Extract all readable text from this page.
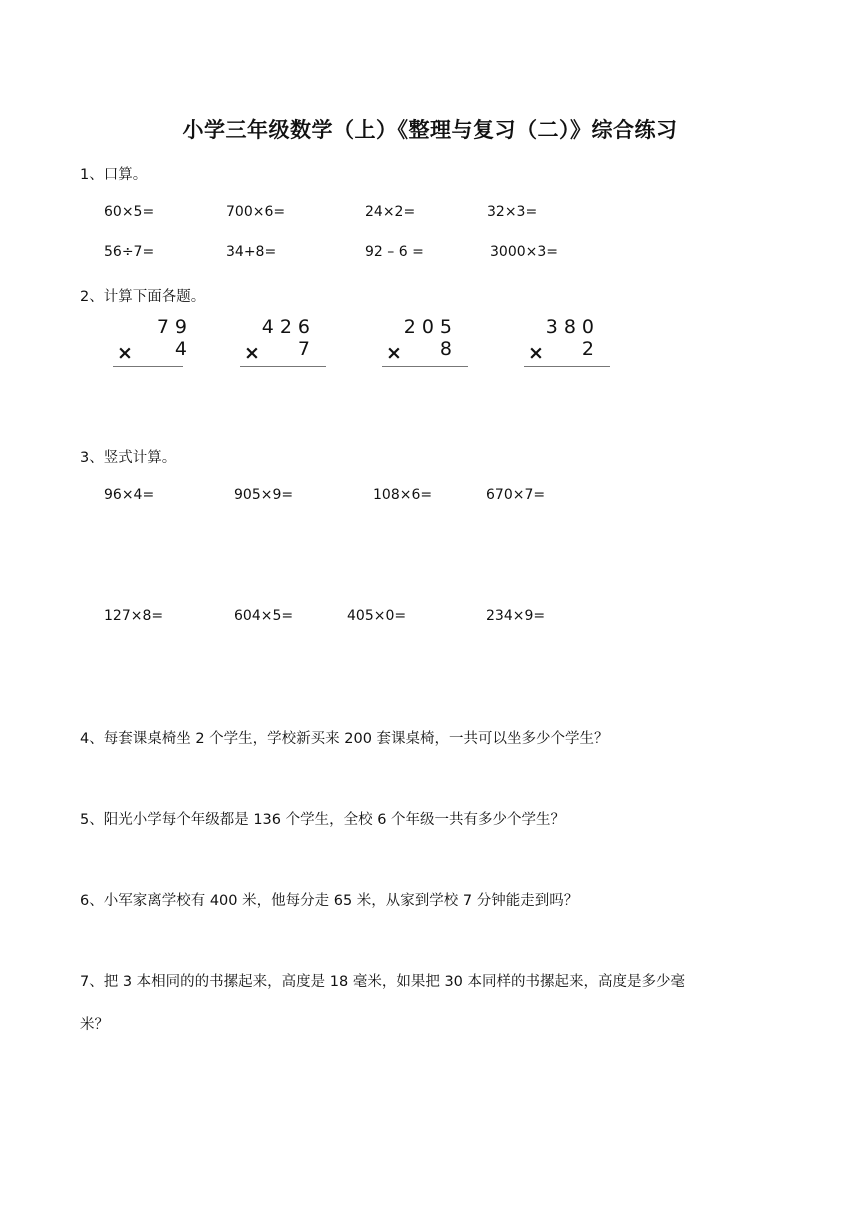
小学三年级数学（上）《整理与复习（二）》综合练习
1、口算。
60×5=	700×6=	24×2=	32×3=
56÷7=	34+8=	92 – 6 =	3000×3=
2、计算下面各题。
79
× 4
426
× 7
205
× 8
380
× 2
3、竖式计算。
96×4=	905×9=	108×6=	670×7=
127×8=	604×5=	405×0=	234×9=
4、每套课桌椅坐 2 个学生，学校新买来 200 套课桌椅，一共可以坐多少个学生？
5、阳光小学每个年级都是 136 个学生，全校 6 个年级一共有多少个学生？
6、小军家离学校有 400 米，他每分走 65 米，从家到学校 7 分钟能走到吗？
7、把 3 本相同的的书摞起来，高度是 18 毫米，如果把 30 本同样的书摞起来，高度是多少毫
米？
